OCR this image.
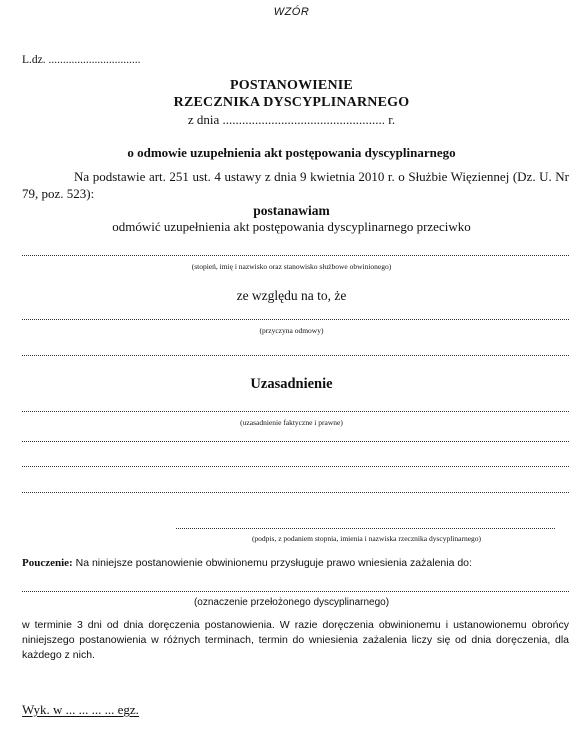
WZÓR
L.dz. ................................
POSTANOWIENIE
RZECZNIKA DYSCYPLINARNEGO
z dnia .................................................. r.
o odmowie uzupełnienia akt postępowania dyscyplinarnego
Na podstawie art. 251 ust. 4 ustawy z dnia 9 kwietnia 2010 r. o Służbie Więziennej (Dz. U. Nr 79, poz. 523):
postanawiam
odmówić uzupełnienia akt postępowania dyscyplinarnego przeciwko
(stopień, imię i nazwisko oraz stanowisko służbowe obwinionego)
ze względu na to, że
(przyczyna odmowy)
Uzasadnienie
(uzasadnienie faktyczne i prawne)
(podpis, z podaniem stopnia, imienia i nazwiska rzecznika dyscyplinarnego)
Pouczenie: Na niniejsze postanowienie obwinionemu przysługuje prawo wniesienia zażalenia do:
(oznaczenie przełożonego dyscyplinarnego)
w terminie 3 dni od dnia doręczenia postanowienia. W razie doręczenia obwinionemu i ustanowionemu obrońcy niniejszego postanowienia w różnych terminach, termin do wniesienia zażalenia liczy się od dnia doręczenia, dla każdego z nich.
Wyk. w ... ... ... ... egz.
